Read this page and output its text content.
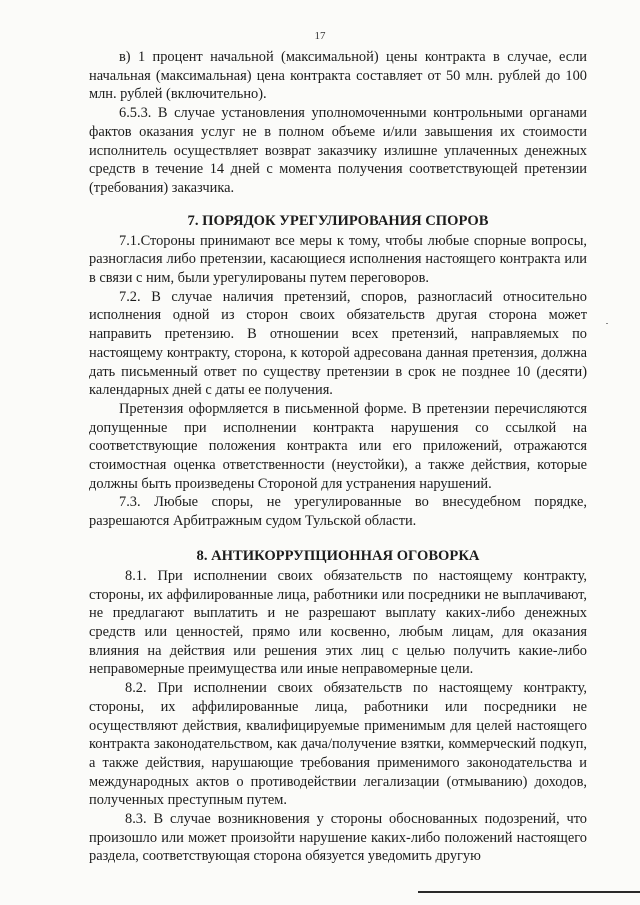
17

в) 1 процент начальной (максимальной) цены контракта в случае, если начальная (максимальная) цена контракта составляет от 50 млн. рублей до 100 млн. рублей (включительно).

6.5.3. В случае установления уполномоченными контрольными органами фактов оказания услуг не в полном объеме и/или завышения их стоимости исполнитель осуществляет возврат заказчику излишне уплаченных денежных средств в течение 14 дней с момента получения соответствующей претензии (требования) заказчика.

7. ПОРЯДОК УРЕГУЛИРОВАНИЯ СПОРОВ

7.1.Стороны принимают все меры к тому, чтобы любые спорные вопросы, разногласия либо претензии, касающиеся исполнения настоящего контракта или в связи с ним, были урегулированы путем переговоров.

7.2. В случае наличия претензий, споров, разногласий относительно исполнения одной из сторон своих обязательств другая сторона может направить претензию. В отношении всех претензий, направляемых по настоящему контракту, сторона, к которой адресована данная претензия, должна дать письменный ответ по существу претензии в срок не позднее 10 (десяти) календарных дней с даты ее получения.

Претензия оформляется в письменной форме. В претензии перечисляются допущенные при исполнении контракта нарушения со ссылкой на соответствующие положения контракта или его приложений, отражаются стоимостная оценка ответственности (неустойки), а также действия, которые должны быть произведены Стороной для устранения нарушений.

7.3. Любые споры, не урегулированные во внесудебном порядке, разрешаются Арбитражным судом Тульской области.

8. АНТИКОРРУПЦИОННАЯ ОГОВОРКА

8.1. При исполнении своих обязательств по настоящему контракту, стороны, их аффилированные лица, работники или посредники не выплачивают, не предлагают выплатить и не разрешают выплату каких-либо денежных средств или ценностей, прямо или косвенно, любым лицам, для оказания влияния на действия или решения этих лиц с целью получить какие-либо неправомерные преимущества или иные неправомерные цели.

8.2. При исполнении своих обязательств по настоящему контракту, стороны, их аффилированные лица, работники или посредники не осуществляют действия, квалифицируемые применимым для целей настоящего контракта законодательством, как дача/получение взятки, коммерческий подкуп, а также действия, нарушающие требования применимого законодательства и международных актов о противодействии легализации (отмыванию) доходов, полученных преступным путем.

8.3. В случае возникновения у стороны обоснованных подозрений, что произошло или может произойти нарушение каких-либо положений настоящего раздела, соответствующая сторона обязуется уведомить другую
